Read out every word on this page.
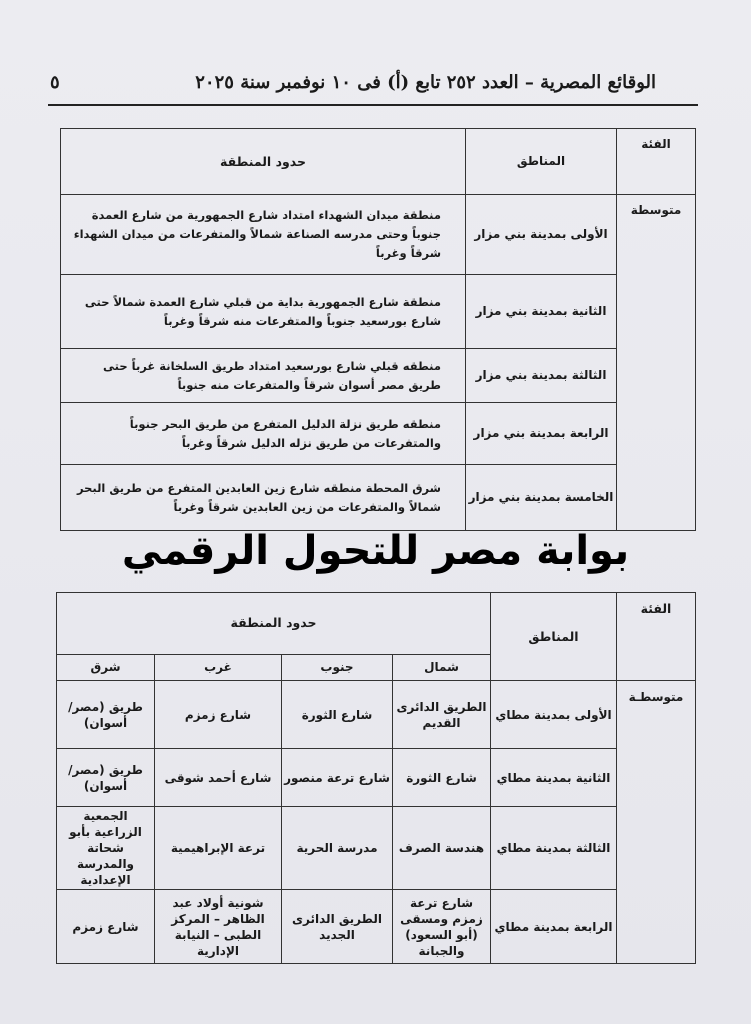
الوقائع المصرية – العدد ٢٥٢ تابع (أ) فى ١٠ نوفمبر سنة ٢٠٢٥
٥
الفئة	المناطق	حدود المنطقة
متوسطة	الأولى بمدينة بني مزار	منطقة ميدان الشهداء امتداد شارع الجمهورية من شارع العمدة جنوباً وحتى مدرسه الصناعة شمالاً والمتفرعات من ميدان الشهداء شرقاً وغرباً
	الثانية بمدينة بني مزار	منطقة شارع الجمهورية بداية من قبلي شارع العمدة شمالاً حتى شارع بورسعيد جنوباً والمتفرعات منه شرقاً وغرباً
	الثالثة بمدينة بني مزار	منطقه قبلي شارع بورسعيد امتداد طريق السلخانة غرباً حتى طريق مصر أسوان شرقاً والمتفرعات منه جنوباً
	الرابعة بمدينة بني مزار	منطقه طريق نزلة الدليل المتفرع من طريق البحر جنوباً والمتفرعات من طريق نزله الدليل شرقاً وغرباً
	الخامسة بمدينة بني مزار	شرق المحطة منطقه شارع زين العابدين المتفرع من طريق البحر شمالاً والمتفرعات من زين العابدين شرقاً وغرباً
بوابة مصر للتحول الرقمي
الفئة	المناطق	حدود المنطقة			
		شمال	جنوب	غرب	شرق
متوسطـة	الأولى بمدينة مطاي	الطريق الدائرى القديم	شارع الثورة	شارع زمزم	طريق (مصر/أسوان)
	الثانية بمدينة مطاي	شارع الثورة	شارع ترعة منصور	شارع أحمد شوقى	طريق (مصر/أسوان)
	الثالثة بمدينة مطاي	هندسة الصرف	مدرسة الحرية	ترعة الإبراهيمية	الجمعية الزراعية بأبو شحاتة والمدرسة الإعدادية
	الرابعة بمدينة مطاي	شارع ترعة زمزم ومسقى (أبو السعود) والجبانة	الطريق الدائرى الجديد	شونية أولاد عبد الظاهر – المركز الطبى – النيابة الإدارية	شارع زمزم
